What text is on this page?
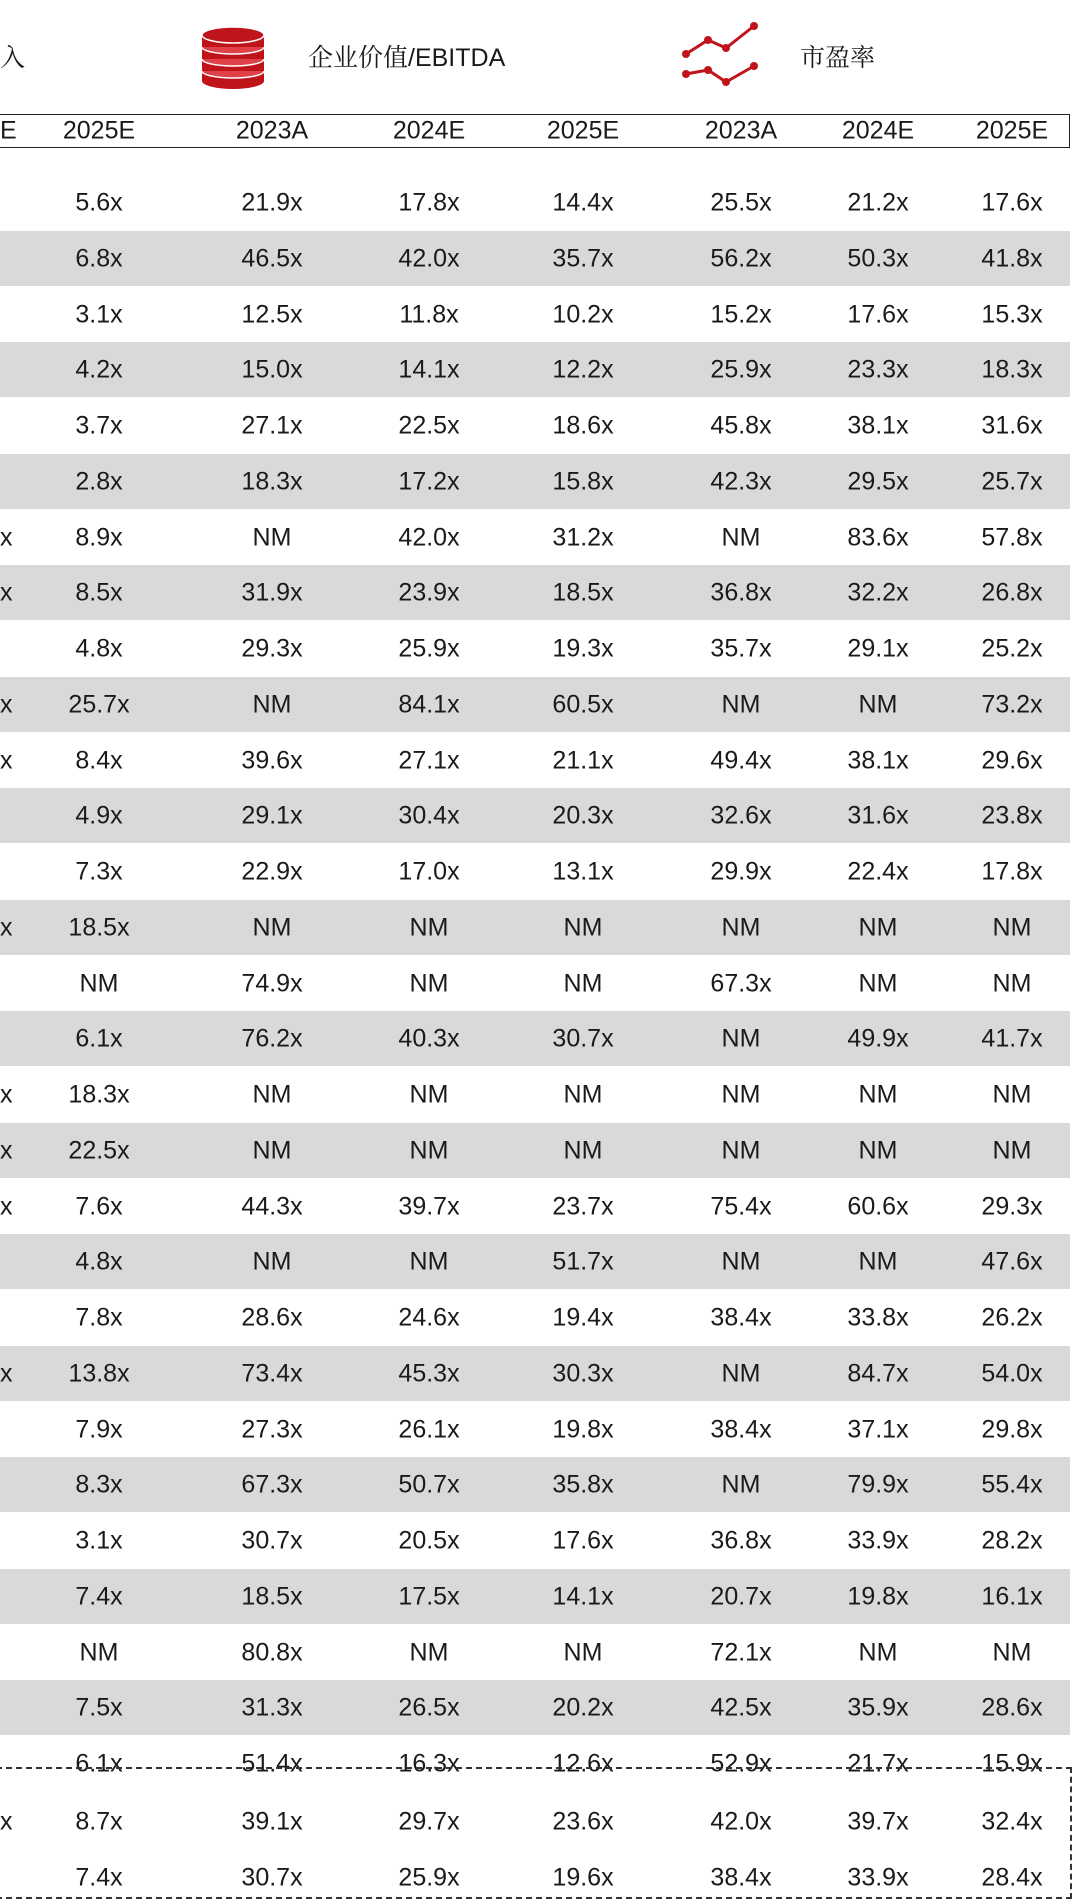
入	企业价值/EBITDA	市盈率
E 2025E	2023A	2024E	2025E	2023A	2024E 2025E
5.6x	21.9x	17.8x	14.4x	25.5x	21.2x	17.6x
6.8x	46.5x	42.0x	35.7x	56.2x	50.3x	41.8x
3.1x	12.5x	11.8x	10.2x	15.2x	17.6x	15.3x
4.2x	15.0x	14.1x	12.2x	25.9x	23.3x	18.3x
3.7x	27.1x	22.5x	18.6x	45.8x	38.1x	31.6x
2.8x	18.3x	17.2x	15.8x	42.3x	29.5x	25.7x
x	8.9x	NM	42.0x	31.2x	NM	83.6x	57.8x
x	8.5x	31.9x	23.9x	18.5x	36.8x	32.2x	26.8x
4.8x	29.3x	25.9x	19.3x	35.7x	29.1x	25.2x
x 25.7x	NM	84.1x	60.5x	NM	NM	73.2x
x	8.4x	39.6x	27.1x	21.1x	49.4x	38.1x	29.6x
4.9x	29.1x	30.4x	20.3x	32.6x	31.6x	23.8x
7.3x	22.9x	17.0x	13.1x	29.9x	22.4x	17.8x
x 18.5x	NM	NM	NM	NM	NM	NM
NM	74.9x	NM	NM	67.3x	NM	NM
6.1x	76.2x	40.3x	30.7x	NM	49.9x	41.7x
x 18.3x	NM	NM	NM	NM	NM	NM
x 22.5x	NM	NM	NM	NM	NM	NM
x	7.6x	44.3x	39.7x	23.7x	75.4x	60.6x	29.3x
4.8x	NM	NM	51.7x	NM	NM	47.6x
7.8x	28.6x	24.6x	19.4x	38.4x	33.8x	26.2x
x 13.8x	73.4x	45.3x	30.3x	NM	84.7x	54.0x
7.9x	27.3x	26.1x	19.8x	38.4x	37.1x	29.8x
8.3x	67.3x	50.7x	35.8x	NM	79.9x	55.4x
3.1x	30.7x	20.5x	17.6x	36.8x	33.9x	28.2x
7.4x	18.5x	17.5x	14.1x	20.7x	19.8x	16.1x
NM	80.8x	NM	NM	72.1x	NM	NM
7.5x	31.3x	26.5x	20.2x	42.5x	35.9x	28.6x
6.1x	51.4x	16.3x	12.6x	52.9x	21.7x	15.9x
x	8.7x	39.1x	29.7x	23.6x	42.0x	39.7x	32.4x
7.4x	30.7x	25.9x	19.6x	38.4x	33.9x	28.4x
